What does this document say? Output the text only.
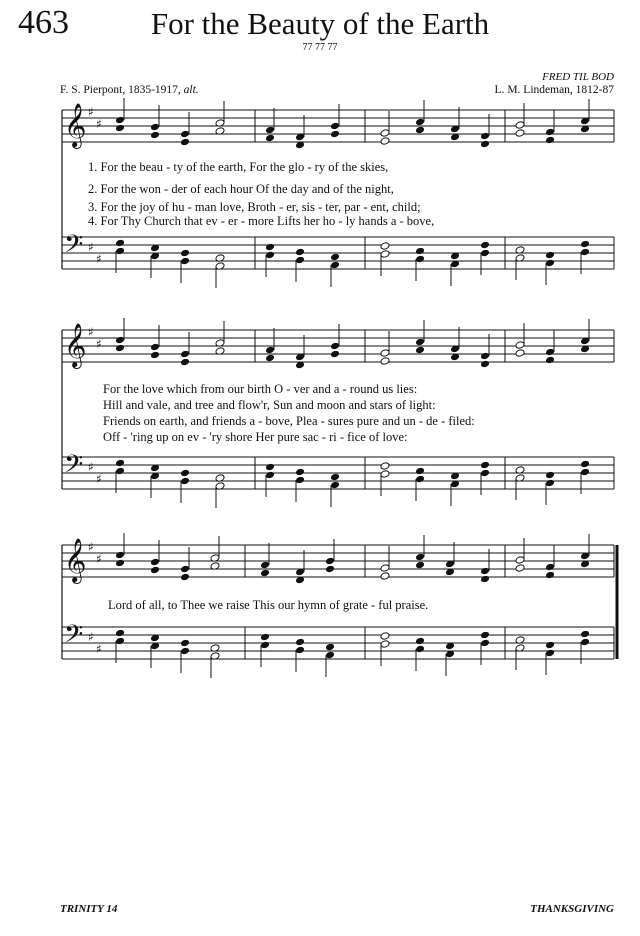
463	For the Beauty of the Earth
77 77 77
FRED TIL BOD
F. S. Pierpont, 1835-1917, alt.	L. M. Lindeman, 1812-87
𝄞
𝄢
♯
♯
♯
♯
𝄞
𝄢
♯
♯
♯
♯
𝄞
𝄢
♯
♯
♯
♯
1. For the beau - ty of the earth, For the glo - ry of the skies,
2. For the won - der of each hour Of the day and of the night,
3. For the joy of hu - man love, Broth - er, sis - ter, par - ent, child;
4. For Thy Church that ev - er - more Lifts her ho - ly hands a - bove,
For the love which from our birth O - ver and a - round us lies:
Hill and vale, and tree and flow'r, Sun and moon and stars of light:
Friends on earth, and friends a - bove, Plea - sures pure and un - de - filed:
Off - 'ring up on ev - 'ry shore Her pure sac - ri - fice of love:
Lord of all, to Thee we raise This our hymn of grate - ful praise.
TRINITY 14	THANKSGIVING
